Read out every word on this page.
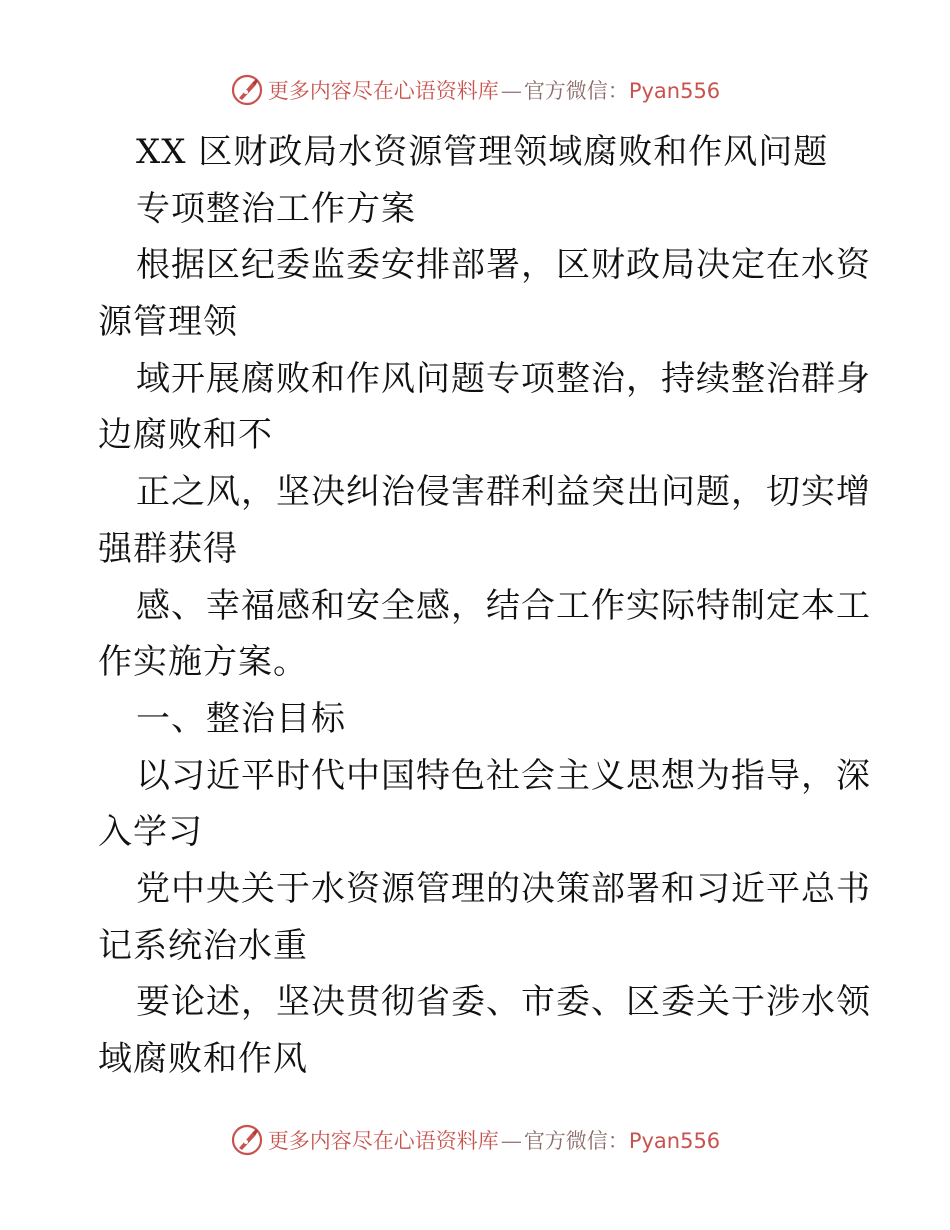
更多内容尽在心语资料库—官方微信：Pyan556
XX 区财政局水资源管理领域腐败和作风问题
专项整治工作方案
根据区纪委监委安排部署，区财政局决定在水资
源管理领
域开展腐败和作风问题专项整治，持续整治群身
边腐败和不
正之风，坚决纠治侵害群利益突出问题，切实增
强群获得
感、幸福感和安全感，结合工作实际特制定本工
作实施方案。
一、整治目标
以习近平时代中国特色社会主义思想为指导，深
入学习
党中央关于水资源管理的决策部署和习近平总书
记系统治水重
要论述，坚决贯彻省委、市委、区委关于涉水领
域腐败和作风
更多内容尽在心语资料库—官方微信：Pyan556
